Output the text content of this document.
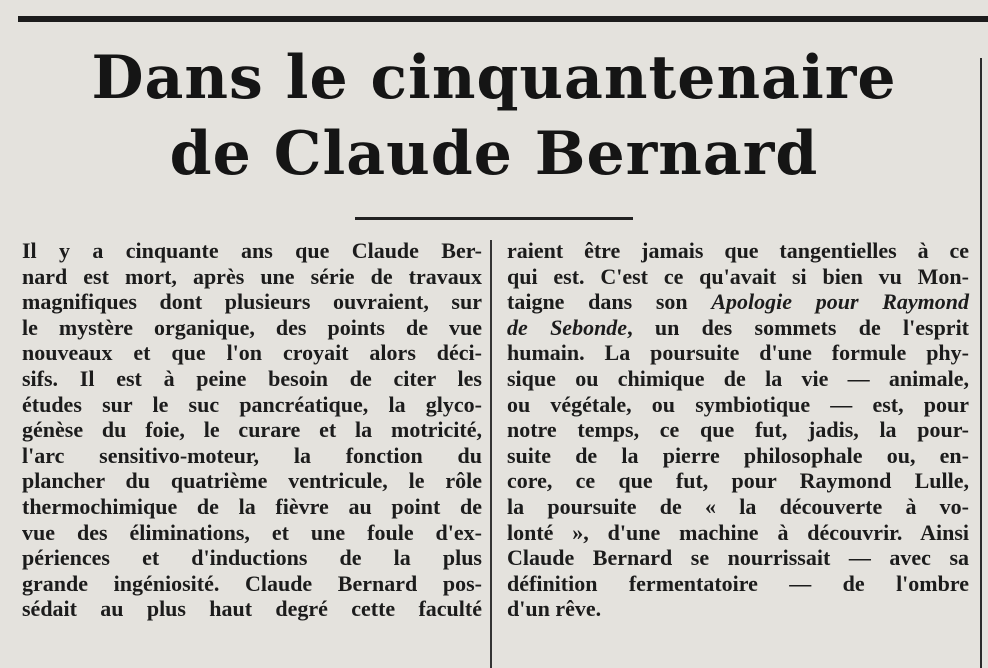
Dans le cinquantenaire
de Claude Bernard
Il y a cinquante ans que Claude Ber-
nard est mort, après une série de travaux
magnifiques dont plusieurs ouvraient, sur
le mystère organique, des points de vue
nouveaux et que l'on croyait alors déci-
sifs. Il est à peine besoin de citer les
études sur le suc pancréatique, la glyco-
génèse du foie, le curare et la motricité,
l'arc sensitivo-moteur, la fonction du
plancher du quatrième ventricule, le rôle
thermochimique de la fièvre au point de
vue des éliminations, et une foule d'ex-
périences et d'inductions de la plus
grande ingéniosité. Claude Bernard pos-
sédait au plus haut degré cette faculté
raient être jamais que tangentielles à ce
qui est. C'est ce qu'avait si bien vu Mon-
taigne dans son Apologie pour Raymond
de Sebonde, un des sommets de l'esprit
humain. La poursuite d'une formule phy-
sique ou chimique de la vie — animale,
ou végétale, ou symbiotique — est, pour
notre temps, ce que fut, jadis, la pour-
suite de la pierre philosophale ou, en-
core, ce que fut, pour Raymond Lulle,
la poursuite de « la découverte à vo-
lonté », d'une machine à découvrir. Ainsi
Claude Bernard se nourrissait — avec sa
définition fermentatoire — de l'ombre
d'un rêve.
